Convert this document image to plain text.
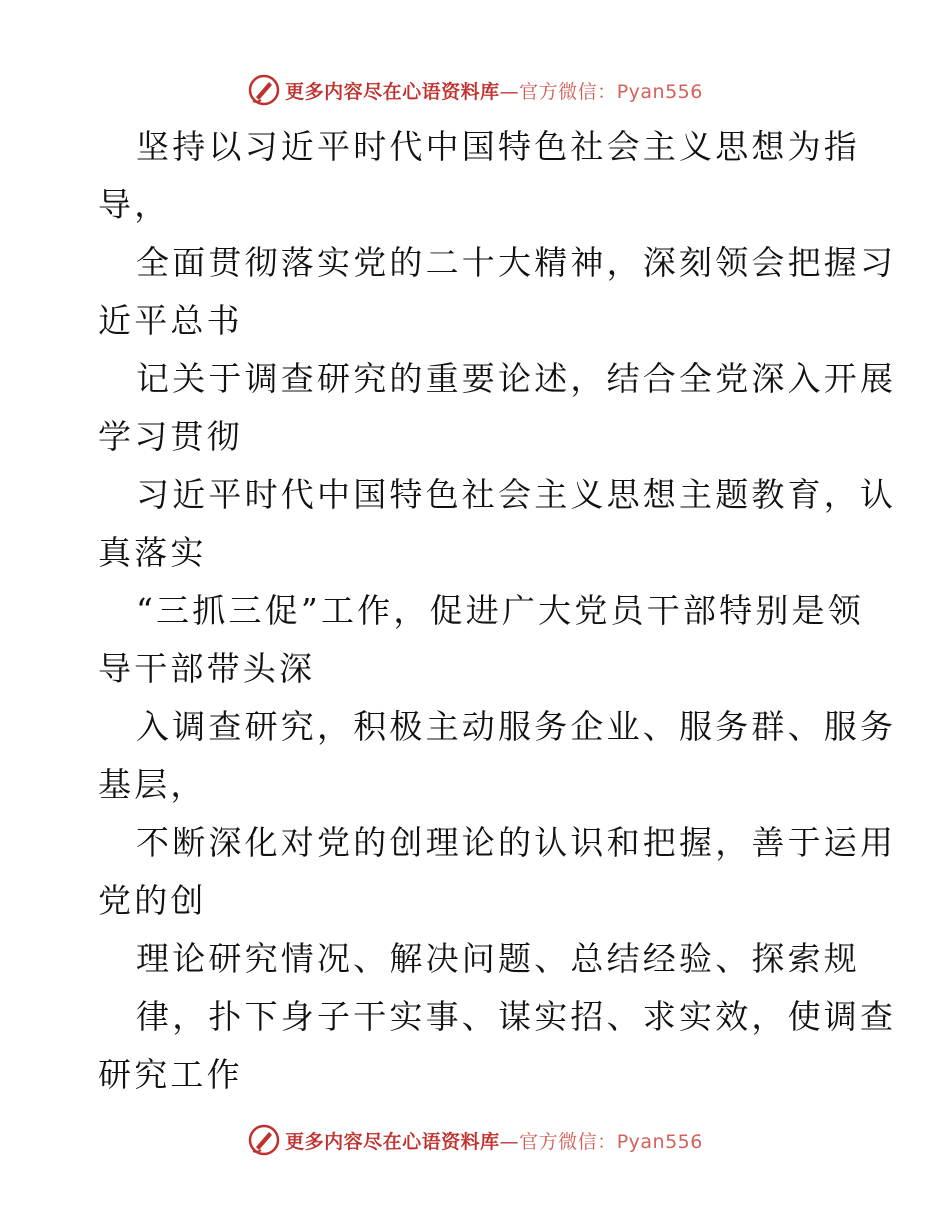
更多内容尽在心语资料库—官方微信：Pyan556

坚持以习近平时代中国特色社会主义思想为指

导，

全面贯彻落实党的二十大精神，深刻领会把握习

近平总书

记关于调查研究的重要论述，结合全党深入开展

学习贯彻

习近平时代中国特色社会主义思想主题教育，认

真落实

“三抓三促”工作，促进广大党员干部特别是领

导干部带头深

入调查研究，积极主动服务企业、服务群、服务

基层，

不断深化对党的创理论的认识和把握，善于运用

党的创

理论研究情况、解决问题、总结经验、探索规

律，扑下身子干实事、谋实招、求实效，使调查

研究工作

更多内容尽在心语资料库—官方微信：Pyan556
